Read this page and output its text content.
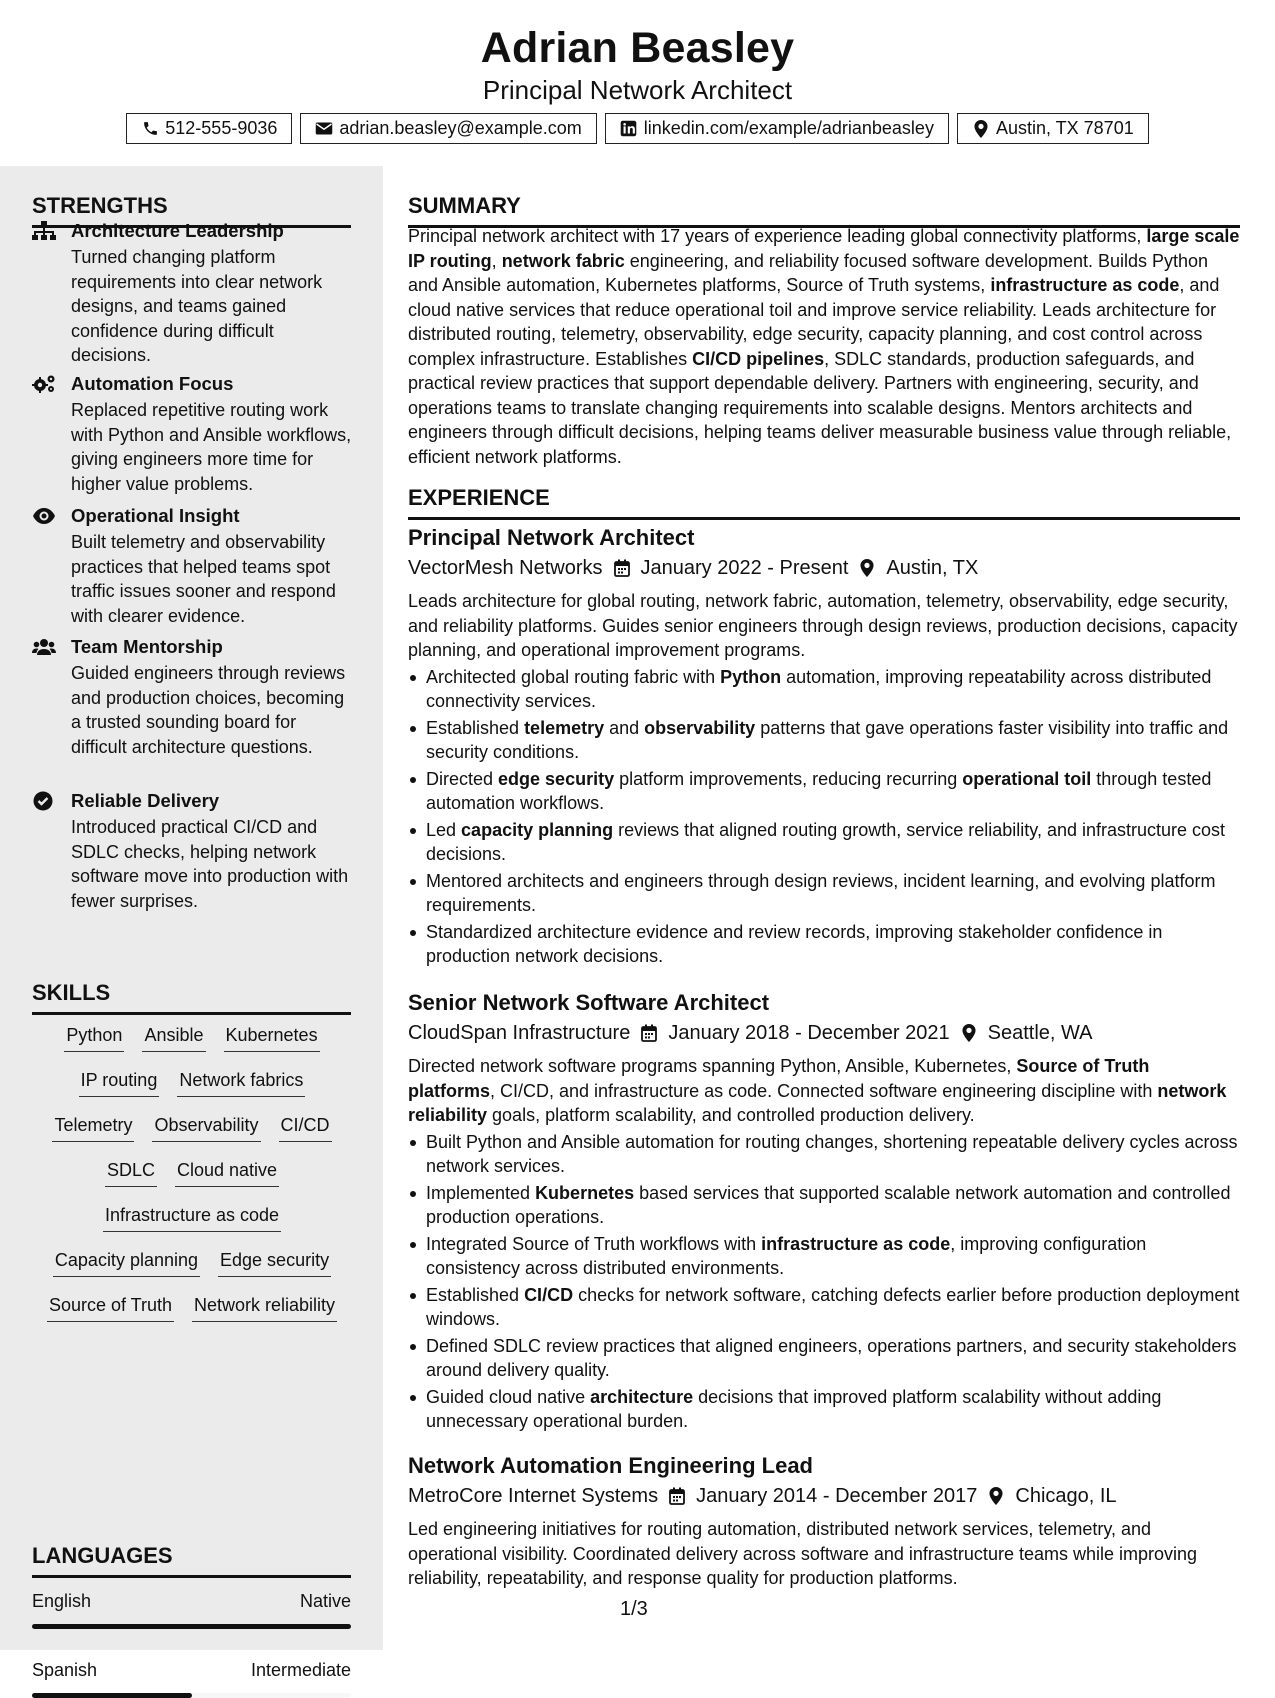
Adrian Beasley
Principal Network Architect
512-555-9036	adrian.beasley@example.com	linkedin.com/example/adrianbeasley	Austin, TX 78701
STRENGTHS
Architecture Leadership
Turned changing platform requirements into clear network designs, and teams gained confidence during difficult decisions.
Automation Focus
Replaced repetitive routing work with Python and Ansible workflows, giving engineers more time for higher value problems.
Operational Insight
Built telemetry and observability practices that helped teams spot traffic issues sooner and respond with clearer evidence.
Team Mentorship
Guided engineers through reviews and production choices, becoming a trusted sounding board for difficult architecture questions.
Reliable Delivery
Introduced practical CI/CD and SDLC checks, helping network software move into production with fewer surprises.
SKILLS
Python Ansible Kubernetes
IP routing Network fabrics
Telemetry Observability CI/CD
SDLC Cloud native
Infrastructure as code
Capacity planning Edge security
Source of Truth Network reliability
LANGUAGES
English	Native
Spanish	Intermediate
SUMMARY
Principal network architect with 17 years of experience leading global connectivity platforms, large scale IP routing, network fabric engineering, and reliability focused software development. Builds Python and Ansible automation, Kubernetes platforms, Source of Truth systems, infrastructure as code, and cloud native services that reduce operational toil and improve service reliability. Leads architecture for distributed routing, telemetry, observability, edge security, capacity planning, and cost control across complex infrastructure. Establishes CI/CD pipelines, SDLC standards, production safeguards, and practical review practices that support dependable delivery. Partners with engineering, security, and operations teams to translate changing requirements into scalable designs. Mentors architects and engineers through difficult decisions, helping teams deliver measurable business value through reliable, efficient network platforms.
EXPERIENCE
Principal Network Architect
VectorMesh Networks January 2022 - Present Austin, TX
Leads architecture for global routing, network fabric, automation, telemetry, observability, edge security, and reliability platforms. Guides senior engineers through design reviews, production decisions, capacity planning, and operational improvement programs.
Architected global routing fabric with Python automation, improving repeatability across distributed connectivity services.
Established telemetry and observability patterns that gave operations faster visibility into traffic and security conditions.
Directed edge security platform improvements, reducing recurring operational toil through tested automation workflows.
Led capacity planning reviews that aligned routing growth, service reliability, and infrastructure cost decisions.
Mentored architects and engineers through design reviews, incident learning, and evolving platform requirements.
Standardized architecture evidence and review records, improving stakeholder confidence in production network decisions.
Senior Network Software Architect
CloudSpan Infrastructure January 2018 - December 2021 Seattle, WA
Directed network software programs spanning Python, Ansible, Kubernetes, Source of Truth platforms, CI/CD, and infrastructure as code. Connected software engineering discipline with network reliability goals, platform scalability, and controlled production delivery.
Built Python and Ansible automation for routing changes, shortening repeatable delivery cycles across network services.
Implemented Kubernetes based services that supported scalable network automation and controlled production operations.
Integrated Source of Truth workflows with infrastructure as code, improving configuration consistency across distributed environments.
Established CI/CD checks for network software, catching defects earlier before production deployment windows.
Defined SDLC review practices that aligned engineers, operations partners, and security stakeholders around delivery quality.
Guided cloud native architecture decisions that improved platform scalability without adding unnecessary operational burden.
Network Automation Engineering Lead
MetroCore Internet Systems January 2014 - December 2017 Chicago, IL
Led engineering initiatives for routing automation, distributed network services, telemetry, and operational visibility. Coordinated delivery across software and infrastructure teams while improving reliability, repeatability, and response quality for production platforms.
1/3
